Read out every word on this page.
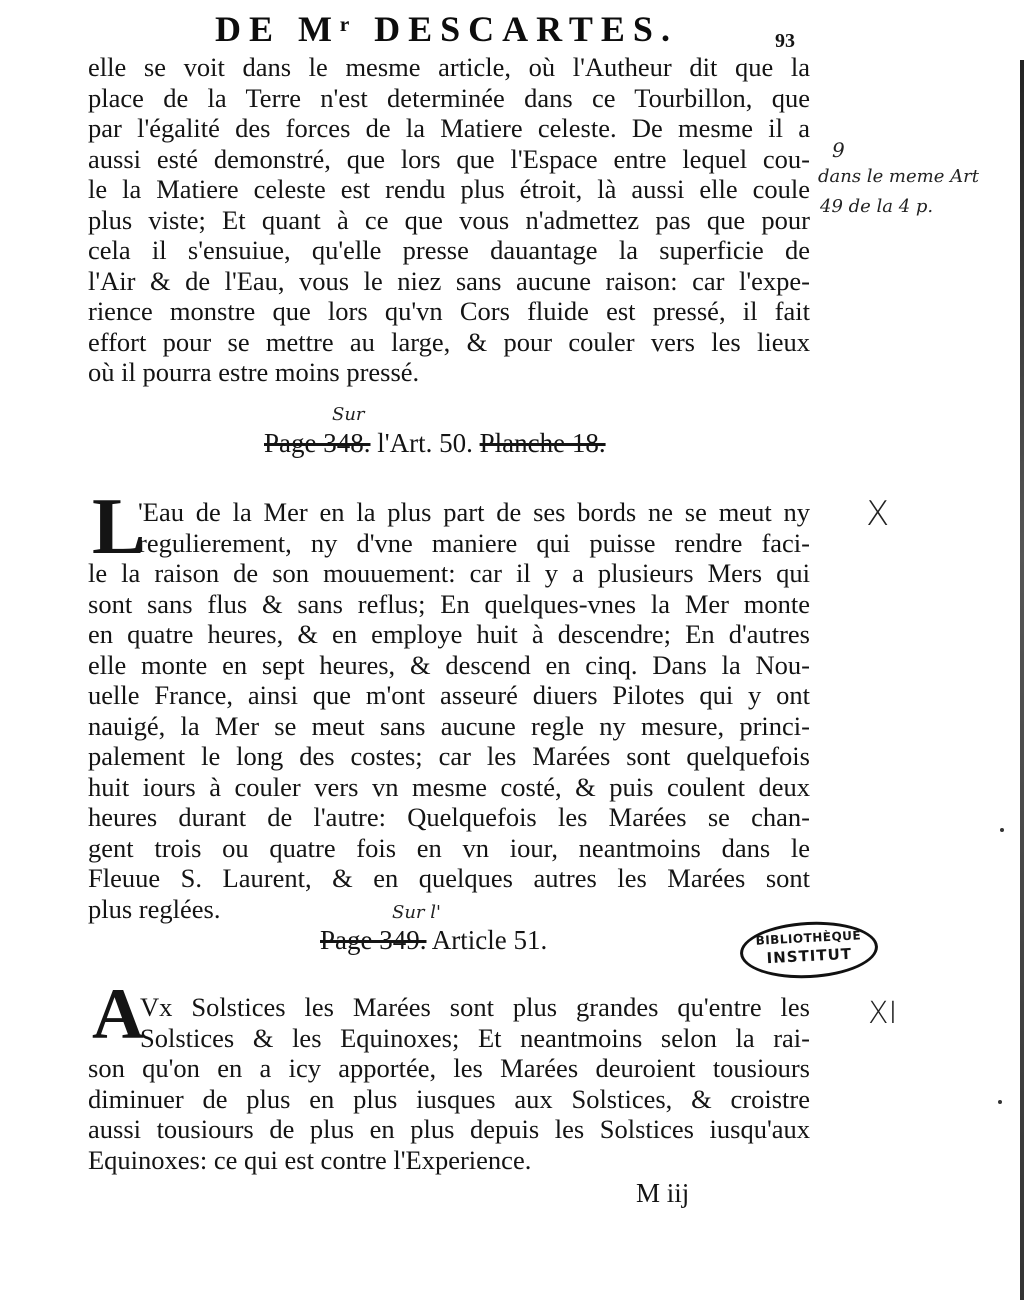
DE Mʳ DESCARTES.	93
elle se voit dans le mesme article, où l'Autheur dit que la
place de la Terre n'est determinée dans ce Tourbillon, que
par l'égalité des forces de la Matiere celeste. De mesme il a
aussi esté demonstré, que lors que l'Espace entre lequel cou-
le la Matiere celeste est rendu plus étroit, là aussi elle coule
plus viste; Et quant à ce que vous n'admettez pas que pour
cela il s'ensuiue, qu'elle presse dauantage la superficie de
l'Air & de l'Eau, vous le niez sans aucune raison: car l'expe-
rience monstre que lors qu'vn Cors fluide est pressé, il fait
effort pour se mettre au large, & pour couler vers les lieux
où il pourra estre moins pressé.
Sur
Page 348. l'Art. 50. Planche 18.
L
'Eau de la Mer en la plus part de ses bords ne se meut ny
regulierement, ny d'vne maniere qui puisse rendre faci-
le la raison de son mouuement: car il y a plusieurs Mers qui
sont sans flus & sans reflus; En quelques-vnes la Mer monte
en quatre heures, & en employe huit à descendre; En d'autres
elle monte en sept heures, & descend en cinq. Dans la Nou-
uelle France, ainsi que m'ont asseuré diuers Pilotes qui y ont
nauigé, la Mer se meut sans aucune regle ny mesure, princi-
palement le long des costes; car les Marées sont quelquefois
huit iours à couler vers vn mesme costé, & puis coulent deux
heures durant de l'autre: Quelquefois les Marées se chan-
gent trois ou quatre fois en vn iour, neantmoins dans le
Fleuue S. Laurent, & en quelques autres les Marées sont
plus reglées.	Sur l'
Page 349. Article 51.
A
Vx Solstices les Marées sont plus grandes qu'entre les
Solstices & les Equinoxes; Et neantmoins selon la rai-
son qu'on en a icy apportée, les Marées deuroient tousiours
diminuer de plus en plus iusques aux Solstices, & croistre
aussi tousiours de plus en plus depuis les Solstices iusqu'aux
Equinoxes: ce qui est contre l'Experience.
M iij
9
dans le meme Art
49 de la 4 p.
X
XI
BIBLIOTHÈQUE
INSTITUT
